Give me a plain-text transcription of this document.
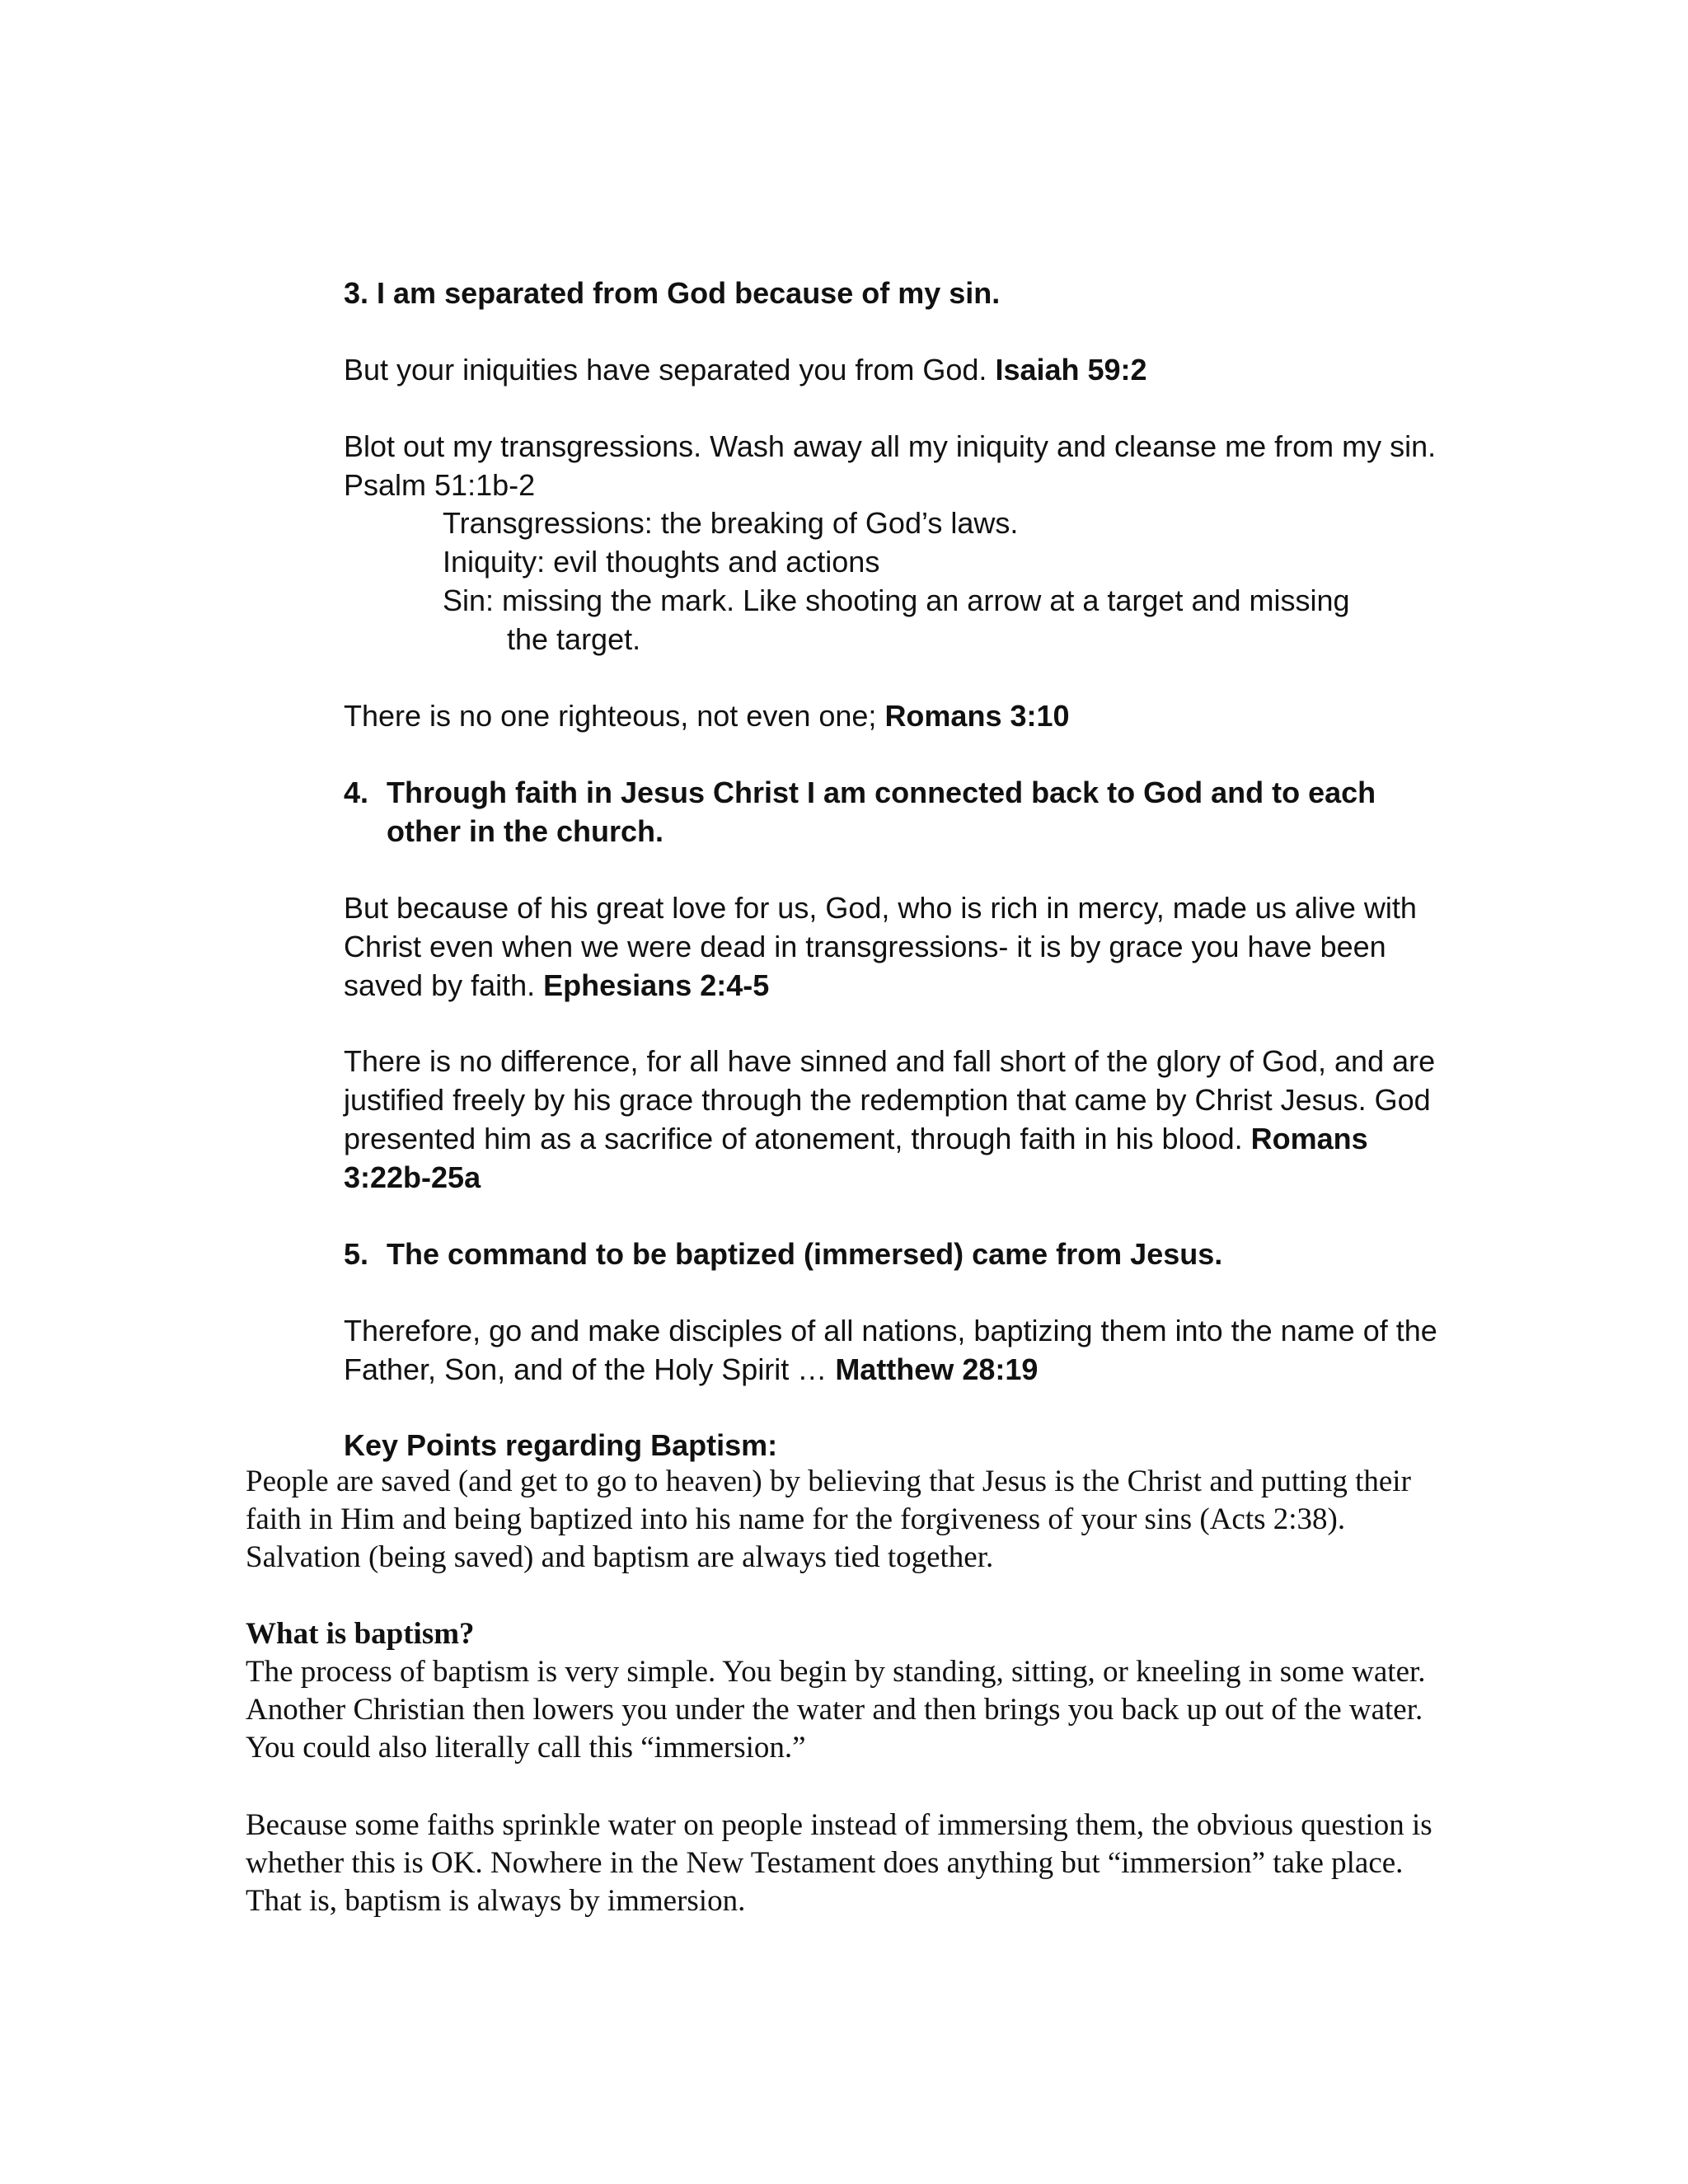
3. I am separated from God because of my sin.

But your iniquities have separated you from God. Isaiah 59:2

Blot out my transgressions. Wash away all my iniquity and cleanse me from my sin. Psalm 51:1b-2

Transgressions: the breaking of God’s laws.
Iniquity: evil thoughts and actions
Sin: missing the mark. Like shooting an arrow at a target and missing
the target.

There is no one righteous, not even one; Romans 3:10

4. Through faith in Jesus Christ I am connected back to God and to each other in the church.

But because of his great love for us, God, who is rich in mercy, made us alive with Christ even when we were dead in transgressions- it is by grace you have been saved by faith. Ephesians 2:4-5

There is no difference, for all have sinned and fall short of the glory of God, and are justified freely by his grace through the redemption that came by Christ Jesus. God presented him as a sacrifice of atonement, through faith in his blood. Romans 3:22b-25a

5. The command to be baptized (immersed) came from Jesus.

Therefore, go and make disciples of all nations, baptizing them into the name of the Father, Son, and of the Holy Spirit … Matthew 28:19

Key Points regarding Baptism:

People are saved (and get to go to heaven) by believing that Jesus is the Christ and putting their faith in Him and being baptized into his name for the forgiveness of your sins (Acts 2:38). Salvation (being saved) and baptism are always tied together.

What is baptism?

The process of baptism is very simple. You begin by standing, sitting, or kneeling in some water. Another Christian then lowers you under the water and then brings you back up out of the water. You could also literally call this “immersion.”

Because some faiths sprinkle water on people instead of immersing them, the obvious question is whether this is OK. Nowhere in the New Testament does anything but “immersion” take place. That is, baptism is always by immersion.
